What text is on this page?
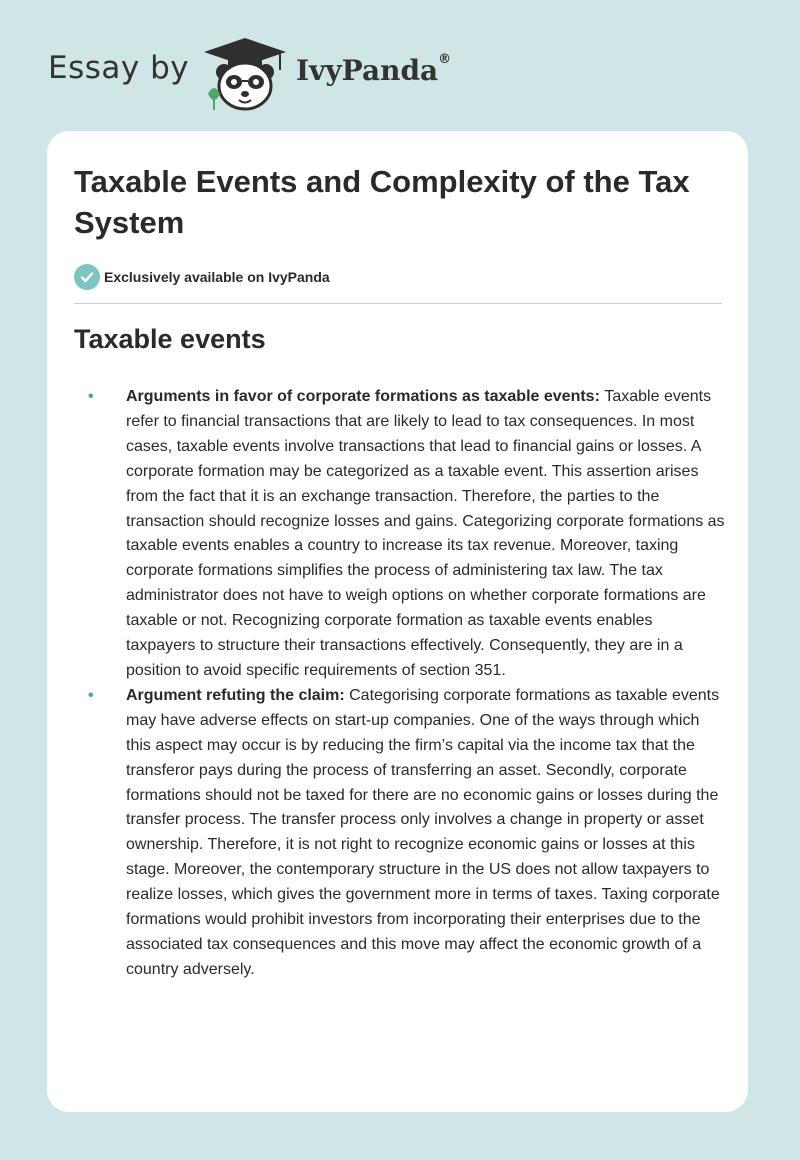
Essay by	IvyPanda®
Taxable Events and Complexity of the Tax System
Exclusively available on IvyPanda
Taxable events
• Arguments in favor of corporate formations as taxable events: Taxable events refer to financial transactions that are likely to lead to tax consequences. In most cases, taxable events involve transactions that lead to financial gains or losses. A corporate formation may be categorized as a taxable event. This assertion arises from the fact that it is an exchange transaction. Therefore, the parties to the transaction should recognize losses and gains. Categorizing corporate formations as taxable events enables a country to increase its tax revenue. Moreover, taxing corporate formations simplifies the process of administering tax law. The tax administrator does not have to weigh options on whether corporate formations are taxable or not. Recognizing corporate formation as taxable events enables taxpayers to structure their transactions effectively. Consequently, they are in a position to avoid specific requirements of section 351.
• Argument refuting the claim: Categorising corporate formations as taxable events may have adverse effects on start-up companies. One of the ways through which this aspect may occur is by reducing the firm’s capital via the income tax that the transferor pays during the process of transferring an asset. Secondly, corporate formations should not be taxed for there are no economic gains or losses during the transfer process. The transfer process only involves a change in property or asset ownership. Therefore, it is not right to recognize economic gains or losses at this stage. Moreover, the contemporary structure in the US does not allow taxpayers to realize losses, which gives the government more in terms of taxes. Taxing corporate formations would prohibit investors from incorporating their enterprises due to the associated tax consequences and this move may affect the economic growth of a country adversely.
